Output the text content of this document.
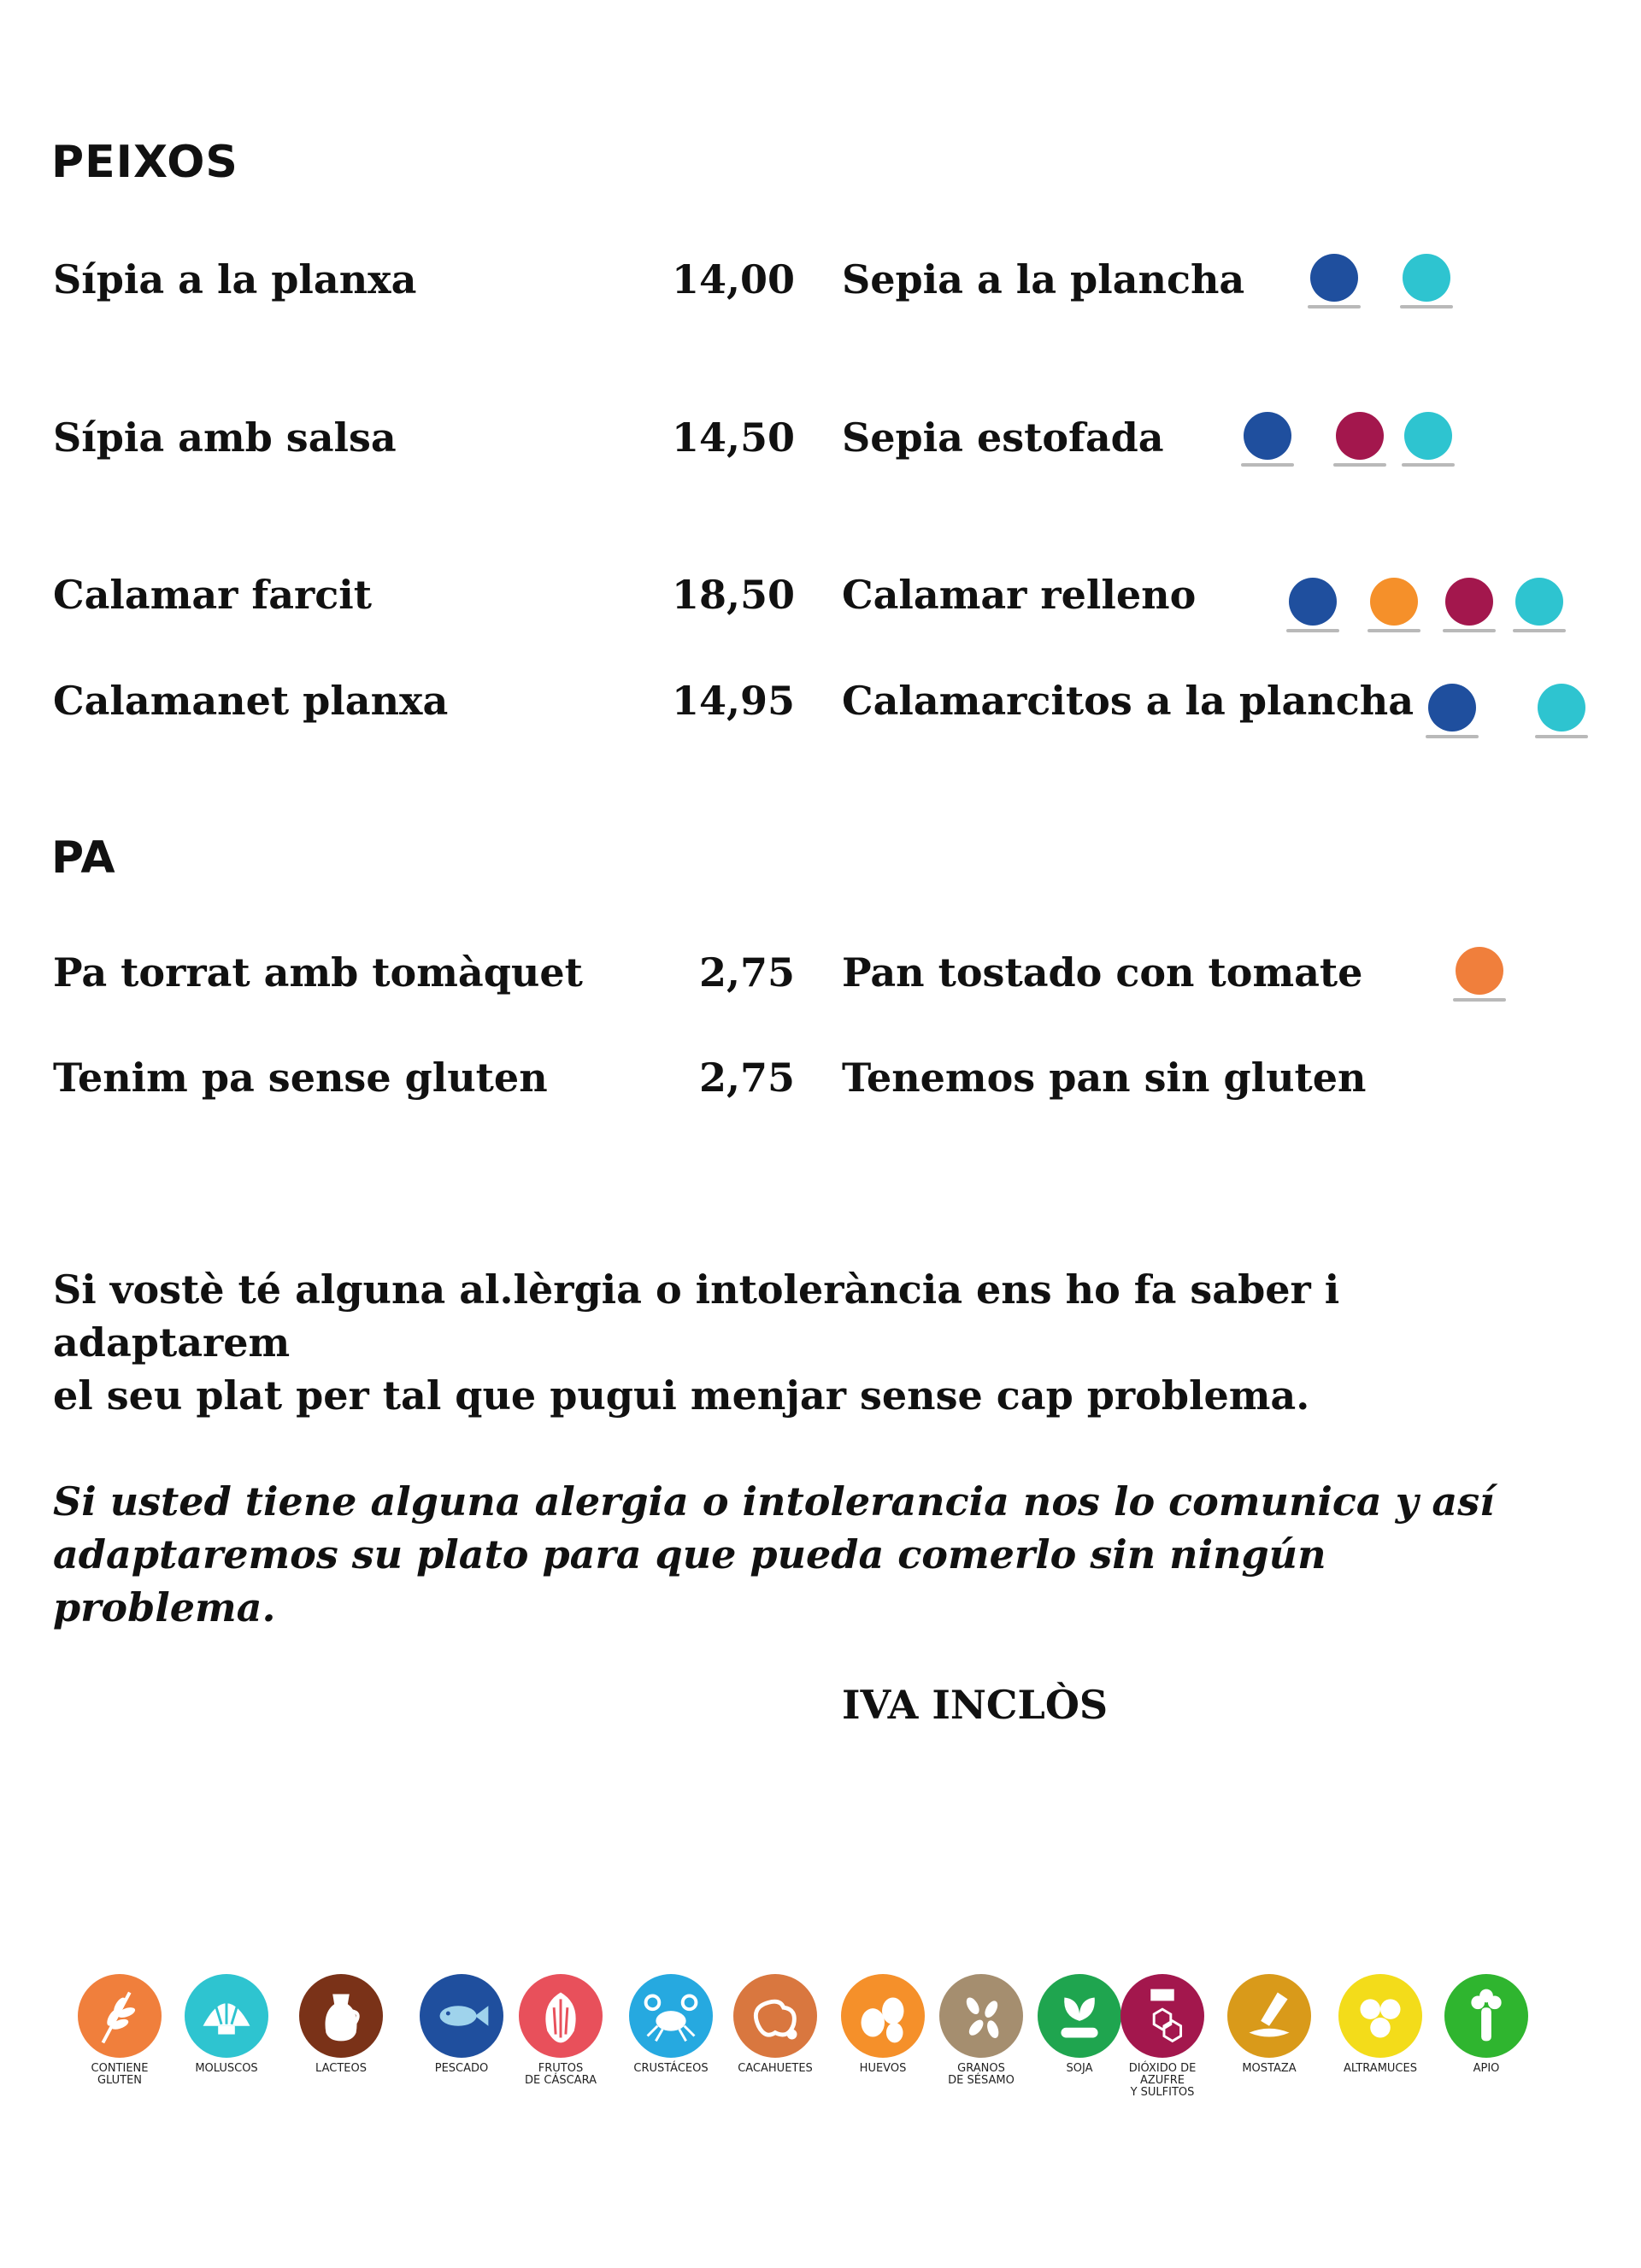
PEIXOS
Sípia a la planxa	14,00 Sepia a la plancha
Sípia amb salsa	14,50 Sepia estofada
Calamar farcit	18,50 Calamar relleno
Calamanet planxa	14,95 Calamarcitos a la plancha
PA
Pa torrat amb tomàquet	2,75 Pan tostado con tomate
Tenim pa sense gluten	2,75 Tenemos pan sin gluten

Si vostè té alguna al.lèrgia o intolerància ens ho fa saber i adaptarem

el seu plat per tal que pugui menjar sense cap problema.

Si usted tiene alguna alergia o intolerancia nos lo comunica y así

adaptaremos su plato para que pueda comerlo sin ningún problema.

IVA INCLÒS
CONTIENE
GLUTEN
MOLUSCOS	LACTEOS	PESCADO	FRUTOS
DE CÁSCARA
CRUSTÁCEOS	CACAHUETES	HUEVOS	GRANOS
DE SÉSAMO
SOJA	DIÓXIDO DE AZUFRE
Y SULFITOS
MOSTAZA	ALTRAMUCES	APIO
